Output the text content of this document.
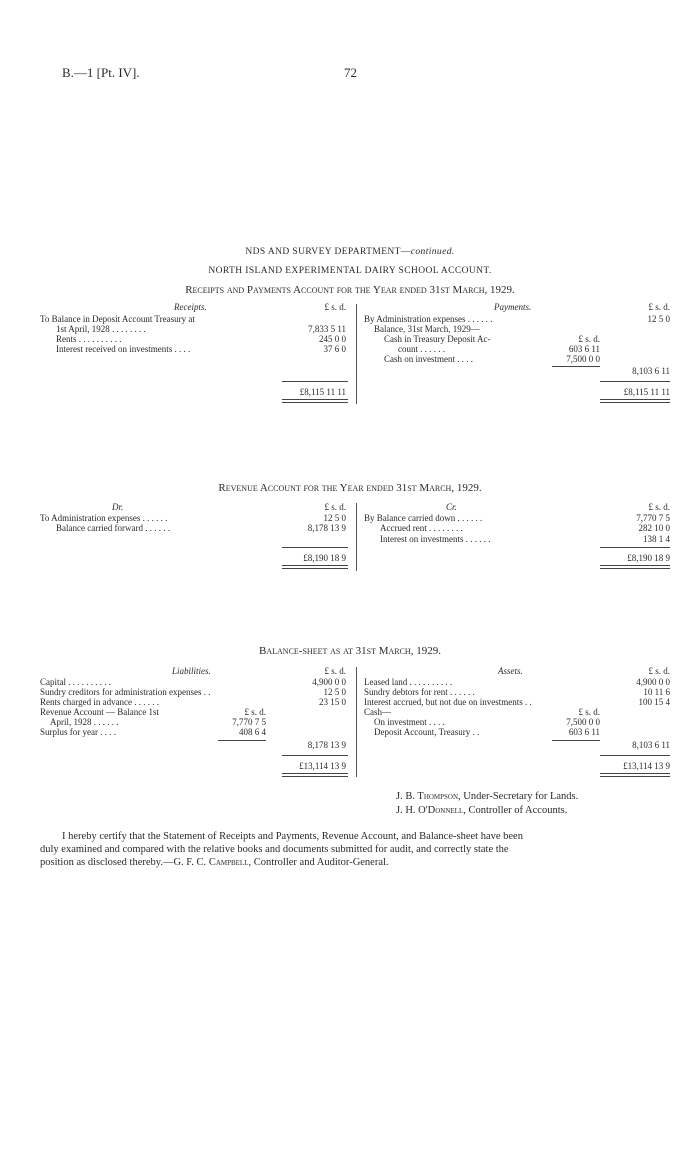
B.—1 [Pt. IV].	72
NDS AND SURVEY DEPARTMENT—continued.
NORTH ISLAND EXPERIMENTAL DAIRY SCHOOL ACCOUNT.
Receipts and Payments Account for the Year ended 31st March, 1929.
Receipts.	£ s. d.
To Balance in Deposit Account Treasury at
1st April, 1928 . . . . . . . .	7,833 5 11
Rents . . . . . . . . . .	245 0 0
Interest received on investments . . . .	37 6 0
£8,115 11 11
Payments.	£ s. d.
By Administration expenses . . . . . .	12 5 0
Balance, 31st March, 1929—
Cash in Treasury Deposit Ac-	£ s. d.
count . . . . . .	603 6 11
Cash on investment . . . .	7,500 0 0
8,103 6 11
£8,115 11 11
Revenue Account for the Year ended 31st March, 1929.
Dr.	£ s. d.
To Administration expenses . . . . . .	12 5 0
Balance carried forward . . . . . .	8,178 13 9
£8,190 18 9
Cr.	£ s. d.
By Balance carried down . . . . . .	7,770 7 5
Accrued rent . . . . . . . .	282 10 0
Interest on investments . . . . . .	138 1 4
£8,190 18 9
Balance-sheet as at 31st March, 1929.
Liabilities.	£ s. d.
Capital . . . . . . . . . .	4,900 0 0
Sundry creditors for administration expenses . .	12 5 0
Rents charged in advance . . . . . .	23 15 0
Revenue Account — Balance 1st	£ s. d.
April, 1928 . . . . . .	7,770 7 5
Surplus for year . . . .	408 6 4
8,178 13 9
£13,114 13 9
Assets.	£ s. d.
Leased land . . . . . . . . . .	4,900 0 0
Sundry debtors for rent . . . . . .	10 11 6
Interest accrued, but not due on investments . .	100 15 4
Cash—	£ s. d.
On investment . . . .	7,500 0 0
Deposit Account, Treasury . .	603 6 11
8,103 6 11
£13,114 13 9
J. B. Thompson, Under-Secretary for Lands.
J. H. O'Donnell, Controller of Accounts.
I hereby certify that the Statement of Receipts and Payments, Revenue Account, and Balance-sheet have been
duly examined and compared with the relative books and documents submitted for audit, and correctly state the
position as disclosed thereby.—G. F. C. Campbell, Controller and Auditor-General.
